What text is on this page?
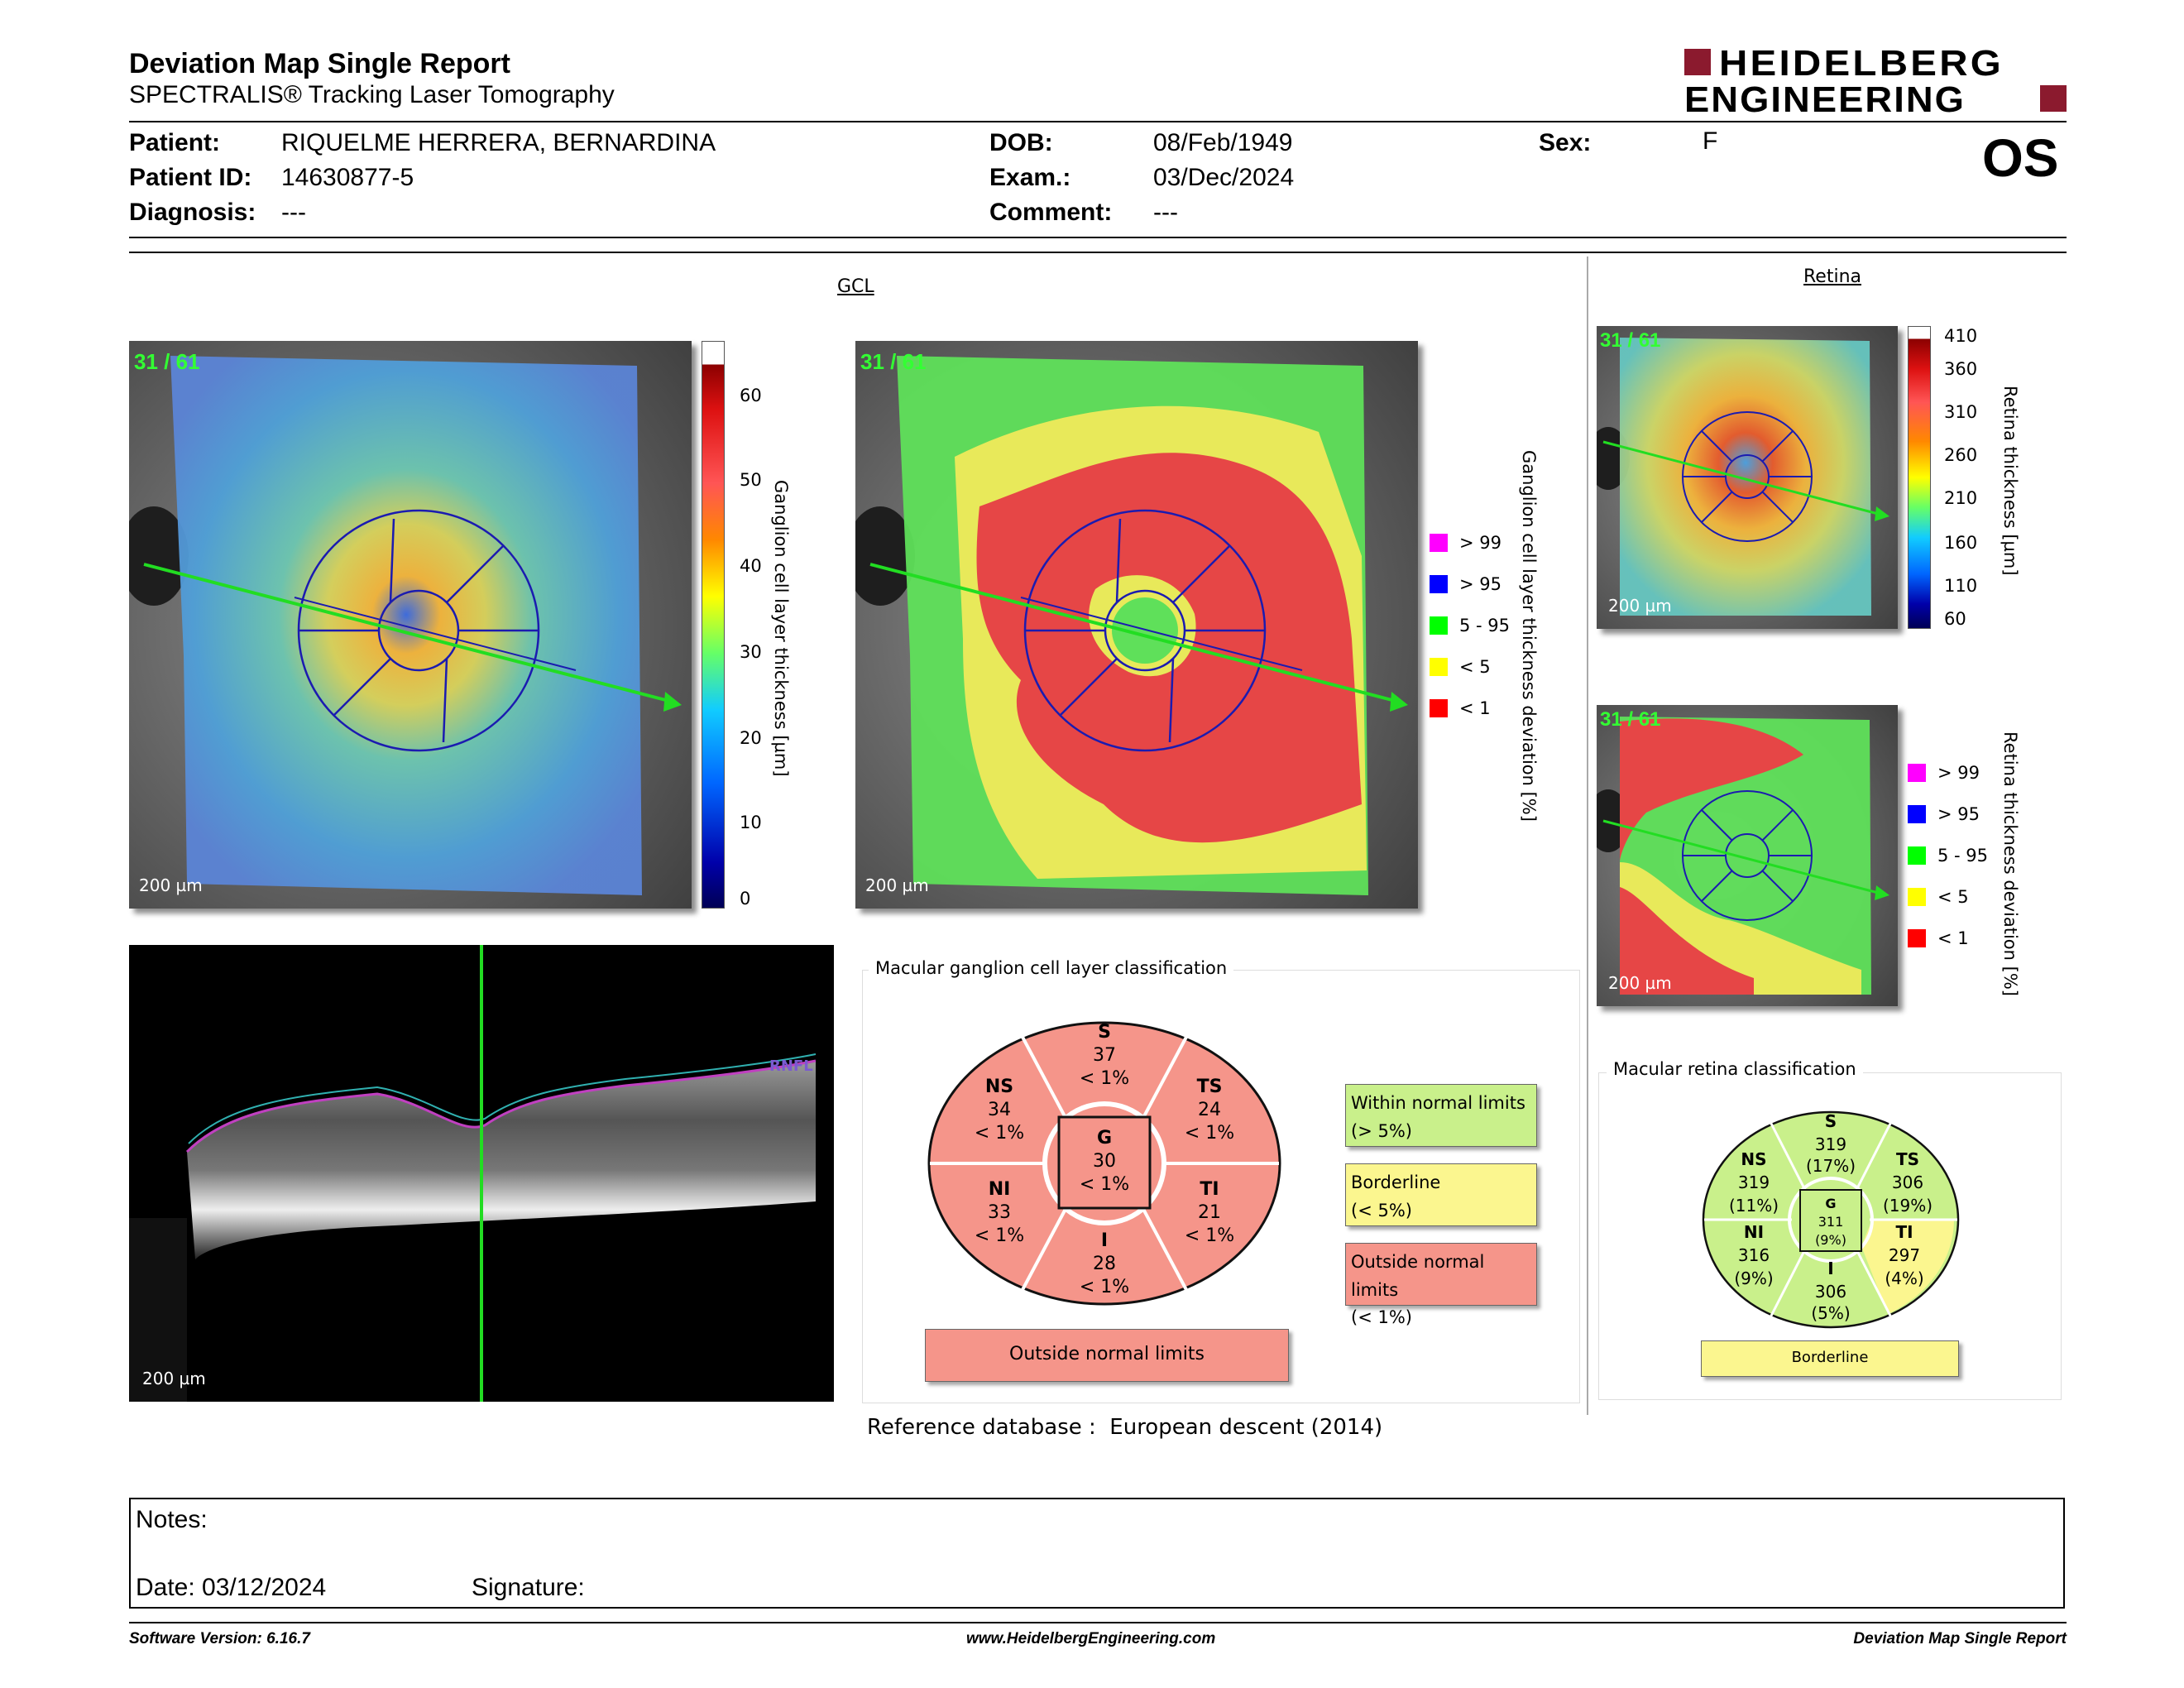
Deviation Map Single Report
SPECTRALIS® Tracking Laser Tomography
HEIDELBERG
ENGINEERING
Patient: RIQUELME HERRERA, BERNARDINA
Patient ID: 14630877-5
Diagnosis: ---
DOB:	08/Feb/1949
Exam.:	03/Dec/2024
Comment: ---
Sex:	F	OS
GCL
31 / 61
200 µm
60
50
40
30
20
10
0
Ganglion cell layer thickness [µm]
31 / 61
200 µm
> 99
> 95
5 - 95
< 5
< 1 Ganglion cell layer thickness deviation [%]
RNFL
200 µm
Macular ganglion cell layer classification
S
37
< 1%
NS
34
< 1%
TS
24
< 1%
G
30
< 1%
NI
33
< 1%
TI
21
< 1%
I
28
< 1%
Outside normal limits
Within normal limits
(> 5%)
Borderline
(< 5%)
Outside normal limits
(< 1%)
Reference database :  European descent (2014)
Retina
31 / 61
200 µm
410
360
310
260
210
160
110
60
Retina thickness [µm]
31 / 61
200 µm
> 99
> 95
5 - 95
< 5
< 1 Retina thickness deviation [%]
Macular retina classification
S
319
(17%)
NS
319
(11%)
TS
306
(19%)
G
311
(9%)
NI
316
(9%)
TI
297
(4%)
I
306
(5%)
Borderline
Notes:
Date: 03/12/2024	Signature:
Software Version: 6.16.7	www.HeidelbergEngineering.com	Deviation Map Single Report
